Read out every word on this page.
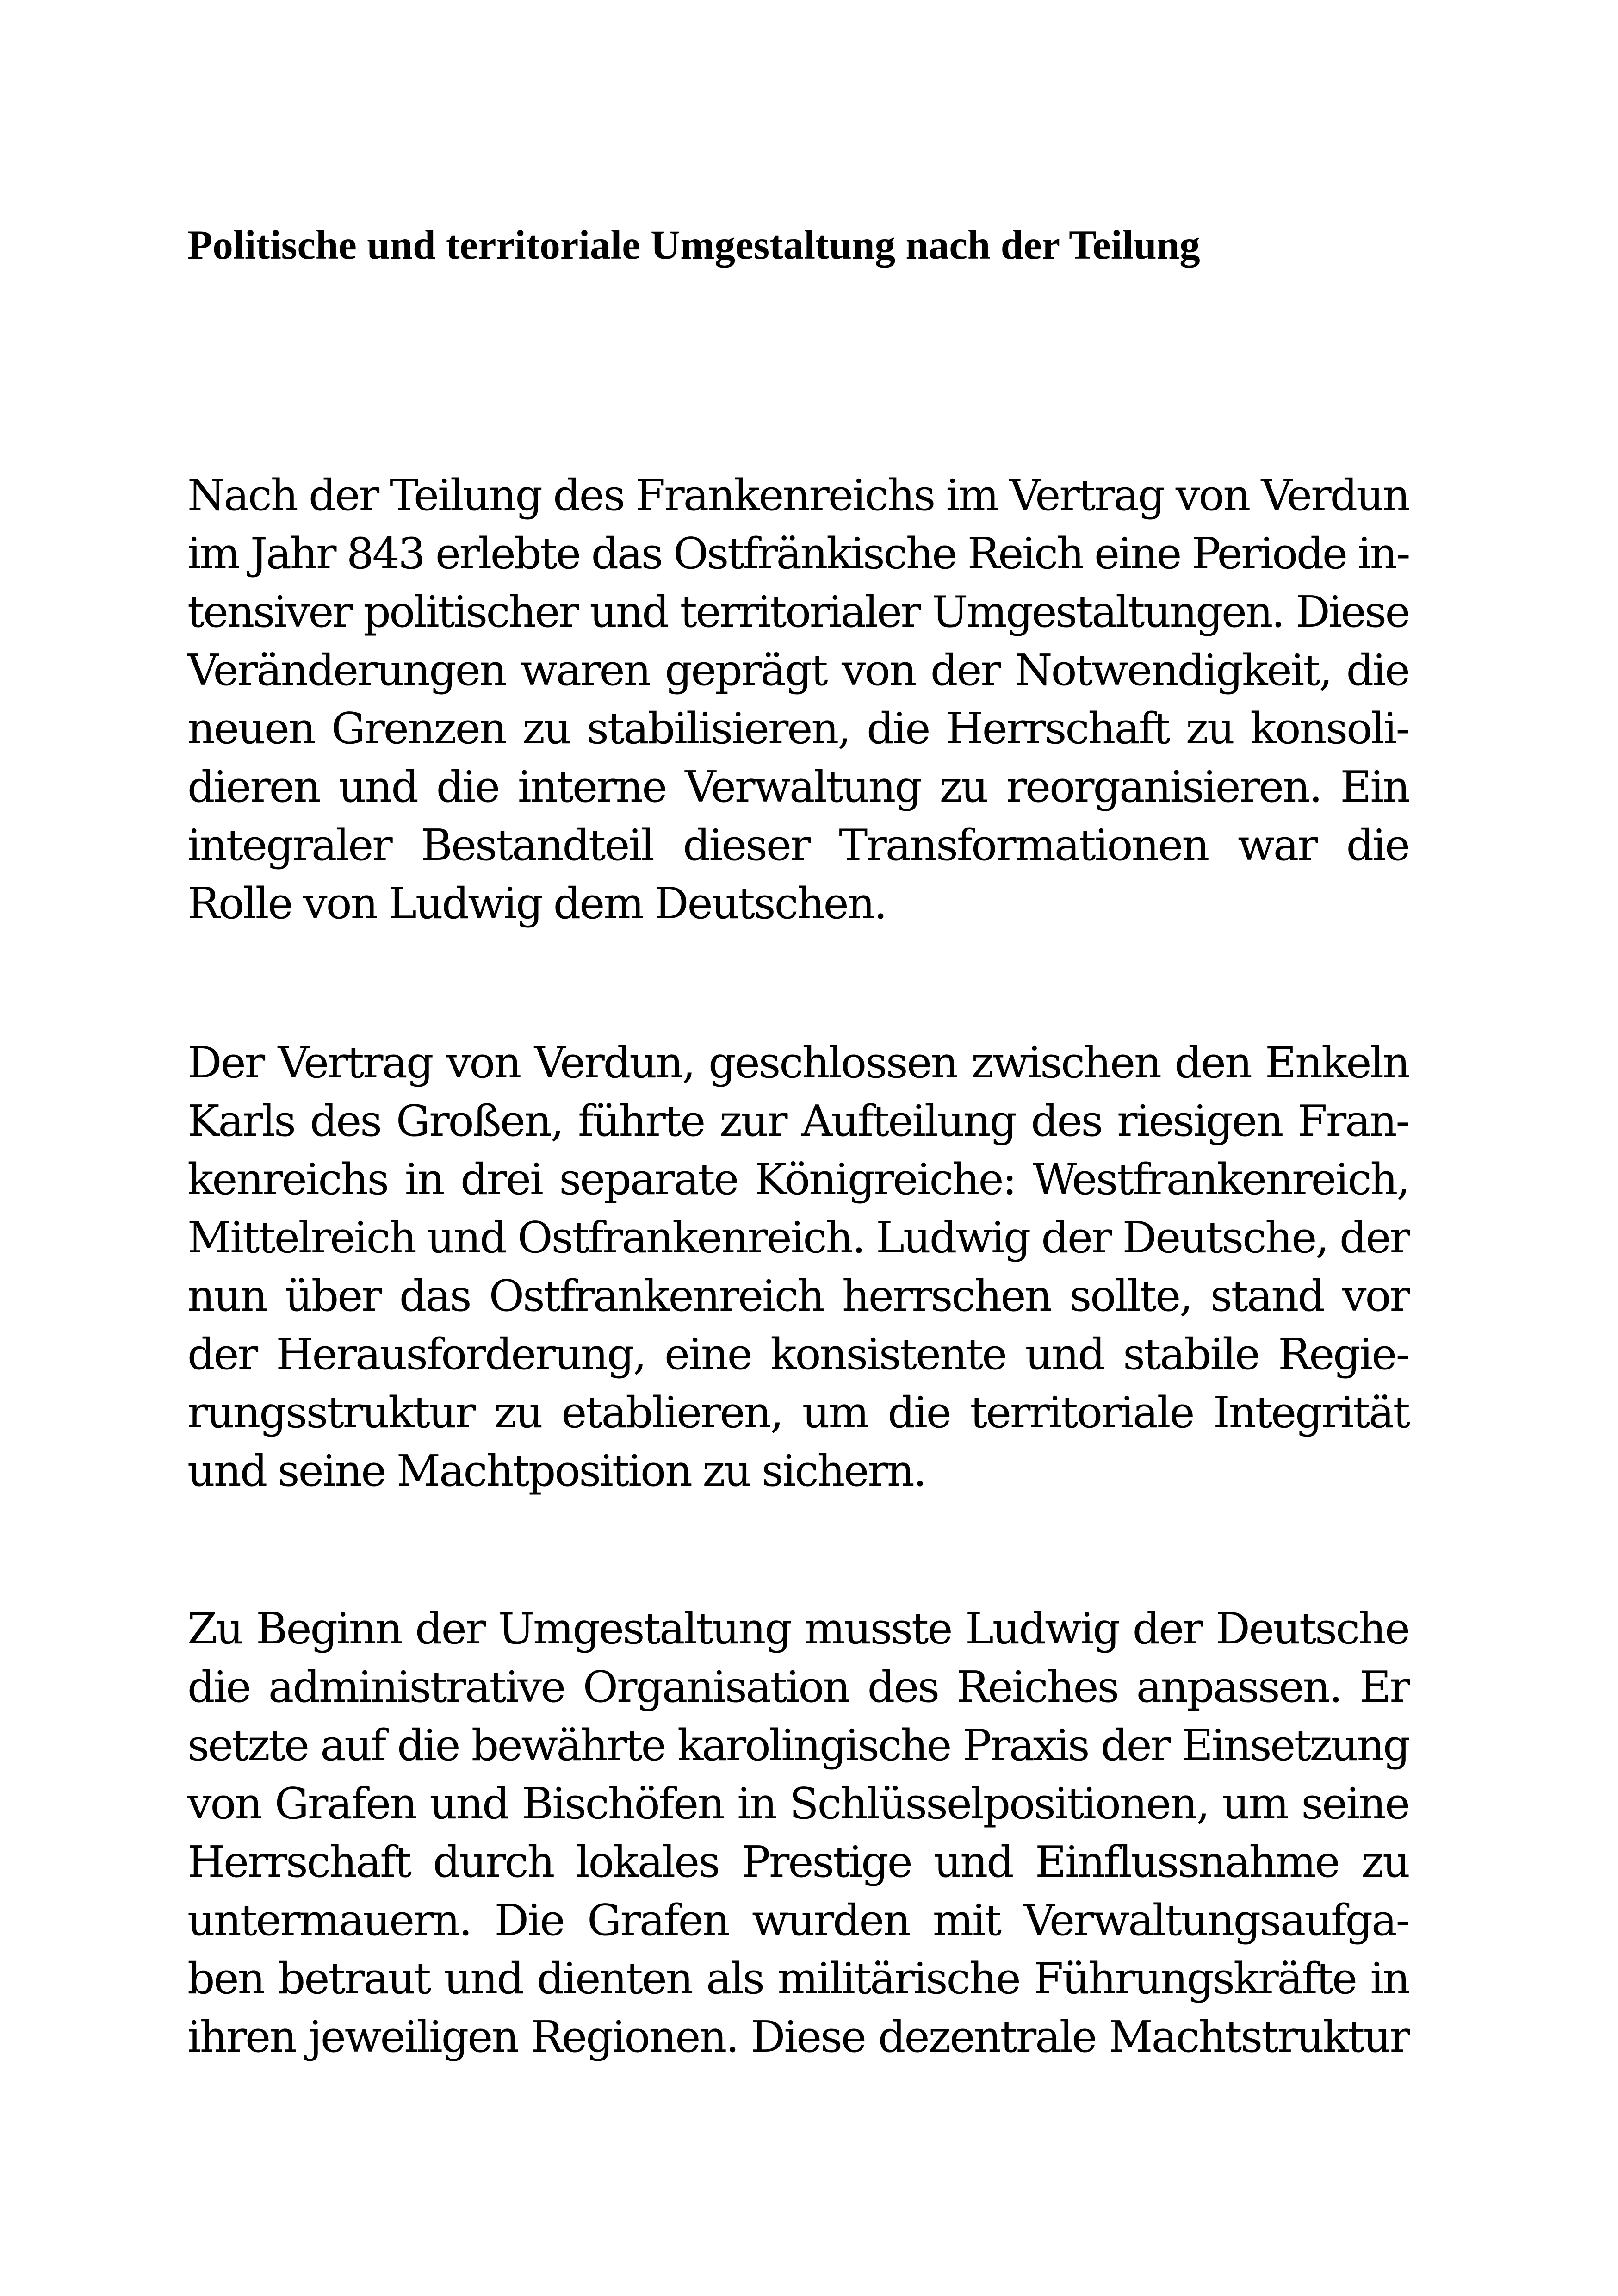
Politische und territoriale Umgestaltung nach der Teilung
Nach der Teilung des Frankenreichs im Vertrag von Verdun
im Jahr 843 erlebte das Ostfränkische Reich eine Periode in-
tensiver politischer und territorialer Umgestaltungen. Diese
Veränderungen waren geprägt von der Notwendigkeit, die
neuen Grenzen zu stabilisieren, die Herrschaft zu konsoli-
dieren und die interne Verwaltung zu reorganisieren. Ein
integraler Bestandteil dieser Transformationen war die
Rolle von Ludwig dem Deutschen.
Der Vertrag von Verdun, geschlossen zwischen den Enkeln
Karls des Großen, führte zur Aufteilung des riesigen Fran-
kenreichs in drei separate Königreiche: Westfrankenreich,
Mittelreich und Ostfrankenreich. Ludwig der Deutsche, der
nun über das Ostfrankenreich herrschen sollte, stand vor
der Herausforderung, eine konsistente und stabile Regie-
rungsstruktur zu etablieren, um die territoriale Integrität
und seine Machtposition zu sichern.
Zu Beginn der Umgestaltung musste Ludwig der Deutsche
die administrative Organisation des Reiches anpassen. Er
setzte auf die bewährte karolingische Praxis der Einsetzung
von Grafen und Bischöfen in Schlüsselpositionen, um seine
Herrschaft durch lokales Prestige und Einflussnahme zu
untermauern. Die Grafen wurden mit Verwaltungsaufga-
ben betraut und dienten als militärische Führungskräfte in
ihren jeweiligen Regionen. Diese dezentrale Machtstruktur
